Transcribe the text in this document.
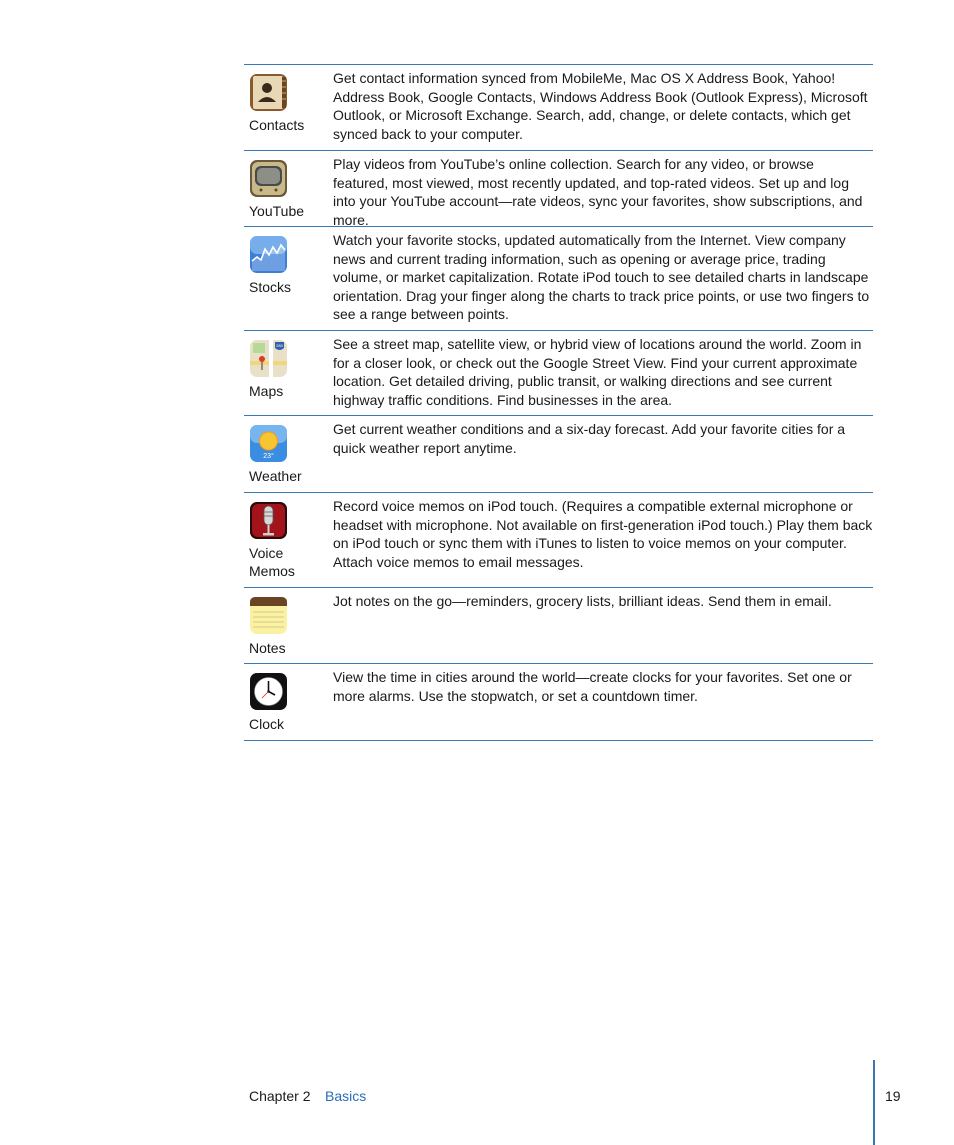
Contacts

Get contact information synced from MobileMe, Mac OS X Address Book, Yahoo! Address Book, Google Contacts, Windows Address Book (Outlook Express), Microsoft Outlook, or Microsoft Exchange. Search, add, change, or delete contacts, which get synced back to your computer.

YouTube

Play videos from YouTube’s online collection. Search for any video, or browse featured, most viewed, most recently updated, and top-rated videos. Set up and log into your YouTube account—rate videos, sync your favorites, show subscriptions, and more.

Stocks

Watch your favorite stocks, updated automatically from the Internet. View company news and current trading information, such as opening or average price, trading volume, or market capitalization. Rotate iPod touch to see detailed charts in landscape orientation. Drag your finger along the charts to track price points, or use two fingers to see a range between points.

280
Maps

See a street map, satellite view, or hybrid view of locations around the world. Zoom in for a closer look, or check out the Google Street View. Find your current approximate location. Get detailed driving, public transit, or walking directions and see current highway traffic conditions. Find businesses in the area.

23°
Weather

Get current weather conditions and a six-day forecast. Add your favorite cities for a quick weather report anytime.

Voice
Memos

Record voice memos on iPod touch. (Requires a compatible external microphone or headset with microphone. Not available on first-generation iPod touch.) Play them back on iPod touch or sync them with iTunes to listen to voice memos on your computer. Attach voice memos to email messages.

Notes

Jot notes on the go—reminders, grocery lists, brilliant ideas. Send them in email.

Clock

View the time in cities around the world—create clocks for your favorites. Set one or more alarms. Use the stopwatch, or set a countdown timer.

Chapter 2 Basics	19
